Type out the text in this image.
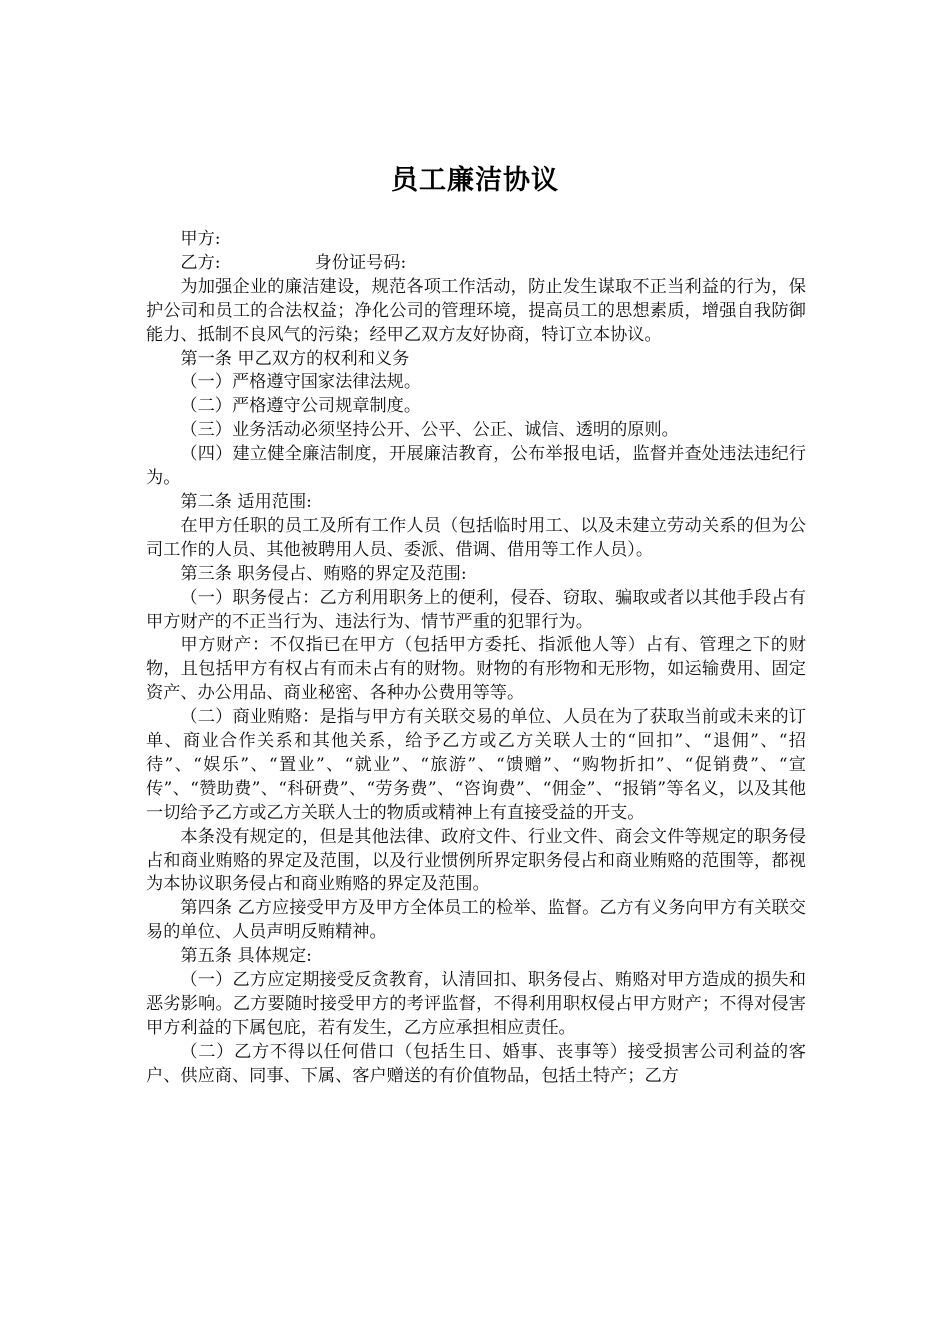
员工廉洁协议

甲方:

乙方:	身份证号码:

为加强企业的廉洁建设，规范各项工作活动，防止发生谋取不正当利益的行为，保护公司和员工的合法权益；净化公司的管理环境，提高员工的思想素质，增强自我防御能力、抵制不良风气的污染；经甲乙双方友好协商，特订立本协议。

第一条 甲乙双方的权利和义务

（一）严格遵守国家法律法规。

（二）严格遵守公司规章制度。

（三）业务活动必须坚持公开、公平、公正、诚信、透明的原则。

（四）建立健全廉洁制度，开展廉洁教育，公布举报电话，监督并查处违法违纪行为。

第二条 适用范围:

在甲方任职的员工及所有工作人员（包括临时用工、以及未建立劳动关系的但为公司工作的人员、其他被聘用人员、委派、借调、借用等工作人员）。

第三条 职务侵占、贿赂的界定及范围:

（一）职务侵占：乙方利用职务上的便利，侵吞、窃取、骗取或者以其他手段占有甲方财产的不正当行为、违法行为、情节严重的犯罪行为。

甲方财产：不仅指已在甲方（包括甲方委托、指派他人等）占有、管理之下的财物，且包括甲方有权占有而未占有的财物。财物的有形物和无形物，如运输费用、固定资产、办公用品、商业秘密、各种办公费用等等。

（二）商业贿赂：是指与甲方有关联交易的单位、人员在为了获取当前或未来的订单、商业合作关系和其他关系，给予乙方或乙方关联人士的“回扣”、“退佣”、“招待”、“娱乐”、“置业”、“就业”、“旅游”、“馈赠”、“购物折扣”、“促销费”、“宣传”、“赞助费”、“科研费”、“劳务费”、“咨询费”、“佣金”、“报销”等名义，以及其他一切给予乙方或乙方关联人士的物质或精神上有直接受益的开支。

本条没有规定的，但是其他法律、政府文件、行业文件、商会文件等规定的职务侵占和商业贿赂的界定及范围，以及行业惯例所界定职务侵占和商业贿赂的范围等，都视为本协议职务侵占和商业贿赂的界定及范围。

第四条 乙方应接受甲方及甲方全体员工的检举、监督。乙方有义务向甲方有关联交易的单位、人员声明反贿精神。

第五条 具体规定:

（一）乙方应定期接受反贪教育，认清回扣、职务侵占、贿赂对甲方造成的损失和恶劣影响。乙方要随时接受甲方的考评监督，不得利用职权侵占甲方财产；不得对侵害甲方利益的下属包庇，若有发生，乙方应承担相应责任。

（二）乙方不得以任何借口（包括生日、婚事、丧事等）接受损害公司利益的客户、供应商、同事、下属、客户赠送的有价值物品，包括土特产；乙方
